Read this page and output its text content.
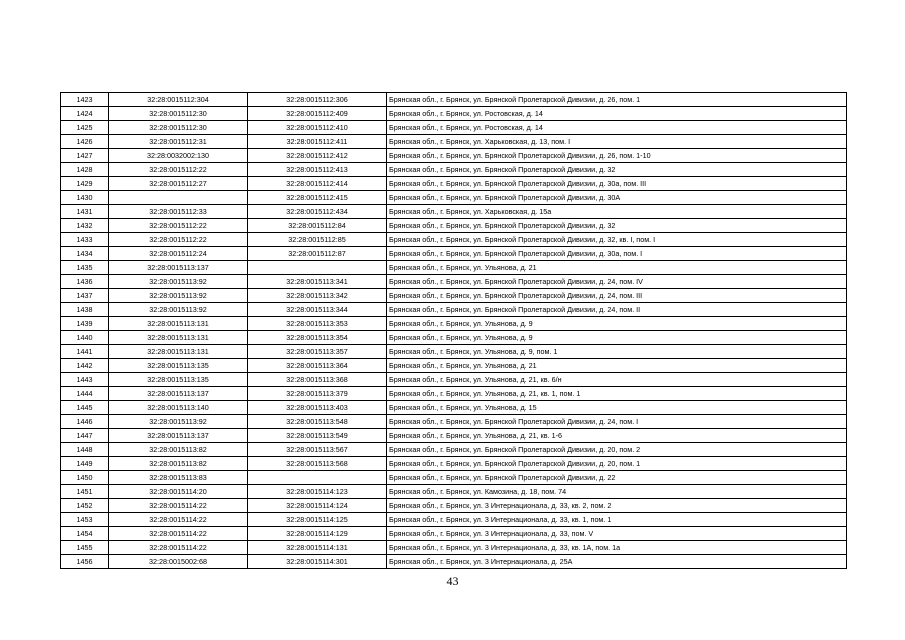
1423	32:28:0015112:304	32:28:0015112:306	Брянская обл., г. Брянск, ул. Брянской Пролетарской Дивизии, д. 26, пом. 1
1424	32:28:0015112:30	32:28:0015112:409	Брянская обл., г. Брянск, ул. Ростовская, д. 14
1425	32:28:0015112:30	32:28:0015112:410	Брянская обл., г. Брянск, ул. Ростовская, д. 14
1426	32:28:0015112:31	32:28:0015112:411	Брянская обл., г. Брянск, ул. Харьковская, д. 13, пом. I
1427	32:28:0032002:130	32:28:0015112:412	Брянская обл., г. Брянск, ул. Брянской Пролетарской Дивизии, д. 26, пом. 1-10
1428	32:28:0015112:22	32:28:0015112:413	Брянская обл., г. Брянск, ул. Брянской Пролетарской Дивизии, д. 32
1429	32:28:0015112:27	32:28:0015112:414	Брянская обл., г. Брянск, ул. Брянской Пролетарской Дивизии, д. 30а, пом. III
1430		32:28:0015112:415	Брянская обл., г. Брянск, ул. Брянской Пролетарской Дивизии, д. 30А
1431	32:28:0015112:33	32:28:0015112:434	Брянская обл., г. Брянск, ул. Харьковская, д. 15а
1432	32:28:0015112:22	32:28:0015112:84	Брянская обл., г. Брянск, ул. Брянской Пролетарской Дивизии, д. 32
1433	32:28:0015112:22	32:28:0015112:85	Брянская обл., г. Брянск, ул. Брянской Пролетарской Дивизии, д. 32, кв. I, пом. I
1434	32:28:0015112:24	32:28:0015112:87	Брянская обл., г. Брянск, ул. Брянской Пролетарской Дивизии, д. 30а, пом. I
1435	32:28:0015113:137		Брянская обл., г. Брянск, ул. Ульянова, д. 21
1436	32:28:0015113:92	32:28:0015113:341	Брянская обл., г. Брянск, ул. Брянской Пролетарской Дивизии, д. 24, пом. IV
1437	32:28:0015113:92	32:28:0015113:342	Брянская обл., г. Брянск, ул. Брянской Пролетарской Дивизии, д. 24, пом. III
1438	32:28:0015113:92	32:28:0015113:344	Брянская обл., г. Брянск, ул. Брянской Пролетарской Дивизии, д. 24, пом. II
1439	32:28:0015113:131	32:28:0015113:353	Брянская обл., г. Брянск, ул. Ульянова, д. 9
1440	32:28:0015113:131	32:28:0015113:354	Брянская обл., г. Брянск, ул. Ульянова, д. 9
1441	32:28:0015113:131	32:28:0015113:357	Брянская обл., г. Брянск, ул. Ульянова, д. 9, пом. 1
1442	32:28:0015113:135	32:28:0015113:364	Брянская обл., г. Брянск, ул. Ульянова, д. 21
1443	32:28:0015113:135	32:28:0015113:368	Брянская обл., г. Брянск, ул. Ульянова, д. 21, кв. 6/н
1444	32:28:0015113:137	32:28:0015113:379	Брянская обл., г. Брянск, ул. Ульянова, д. 21, кв. 1, пом. 1
1445	32:28:0015113:140	32:28:0015113:403	Брянская обл., г. Брянск, ул. Ульянова, д. 15
1446	32:28:0015113:92	32:28:0015113:548	Брянская обл., г. Брянск, ул. Брянской Пролетарской Дивизии, д. 24, пом. I
1447	32:28:0015113:137	32:28:0015113:549	Брянская обл., г. Брянск, ул. Ульянова, д. 21, кв. 1-6
1448	32:28:0015113:82	32:28:0015113:567	Брянская обл., г. Брянск, ул. Брянской Пролетарской Дивизии, д. 20, пом. 2
1449	32:28:0015113:82	32:28:0015113:568	Брянская обл., г. Брянск, ул. Брянской Пролетарской Дивизии, д. 20, пом. 1
1450	32:28:0015113:83		Брянская обл., г. Брянск, ул. Брянской Пролетарской Дивизии, д. 22
1451	32:28:0015114:20	32:28:0015114:123	Брянская обл., г. Брянск, ул. Камозина, д. 18, пом. 74
1452	32:28:0015114:22	32:28:0015114:124	Брянская обл., г. Брянск, ул. 3 Интернационала, д. 33, кв. 2, пом. 2
1453	32:28:0015114:22	32:28:0015114:125	Брянская обл., г. Брянск, ул. 3 Интернационала, д. 33, кв. 1, пом. 1
1454	32:28:0015114:22	32:28:0015114:129	Брянская обл., г. Брянск, ул. 3 Интернационала, д. 33, пом. V
1455	32:28:0015114:22	32:28:0015114:131	Брянская обл., г. Брянск, ул. 3 Интернационала, д. 33, кв. 1А, пом. 1а
1456	32:28:0015002:68	32:28:0015114:301	Брянская обл., г. Брянск, ул. 3 Интернационала, д. 25А
43
